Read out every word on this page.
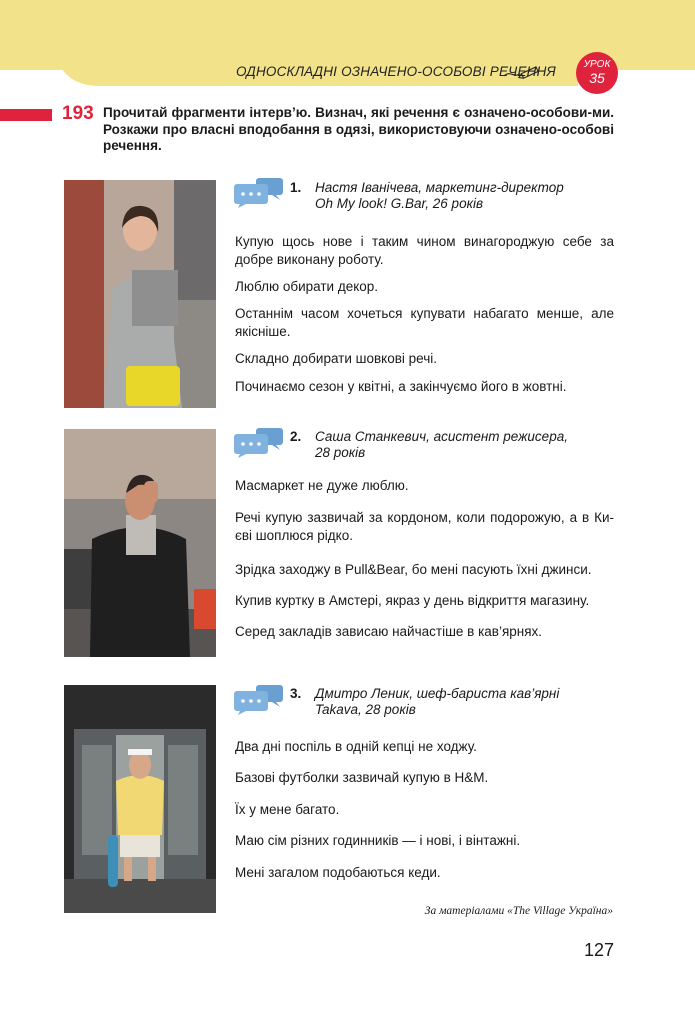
ОДНОСКЛАДНІ ОЗНАЧЕНО-ОСОБОВІ РЕЧЕННЯ	УРОК
35
193 Прочитай фрагменти інтерв’ю. Визнач, які речення є означено-особови-ми. Розкажи про власні вподобання в одязі, використовуючи означено-особові речення.
1. Настя Іванічева, маркетинг-директор
Oh My look! G.Bar, 26 років
Купую щось нове і таким чином винагороджую себе за добре виконану роботу.
Люблю обирати декор.
Останнім часом хочеться купувати набагато менше, але якісніше.
Складно добирати шовкові речі.
Починаємо сезон у квітні, а закінчуємо його в жовтні.
2. Саша Станкевич, асистент режисера,
28 років
Масмаркет не дуже люблю.
Речі купую зазвичай за кордоном, коли подорожую, а в Ки-єві шоплюся рідко.
Зрідка заходжу в Pull&Bear, бо мені пасують їхні джинси.
Купив куртку в Амстері, якраз у день відкриття магазину.
Серед закладів зависаю найчастіше в кав’ярнях.
3. Дмитро Леник, шеф-бариста кав’ярні
Takava, 28 років
Два дні поспіль в одній кепці не ходжу.
Базові футболки зазвичай купую в H&M.
Їх у мене багато.
Маю сім різних годинників — і нові, і вінтажні.
Мені загалом подобаються кеди.
За матеріалами «The Village Україна»
127
